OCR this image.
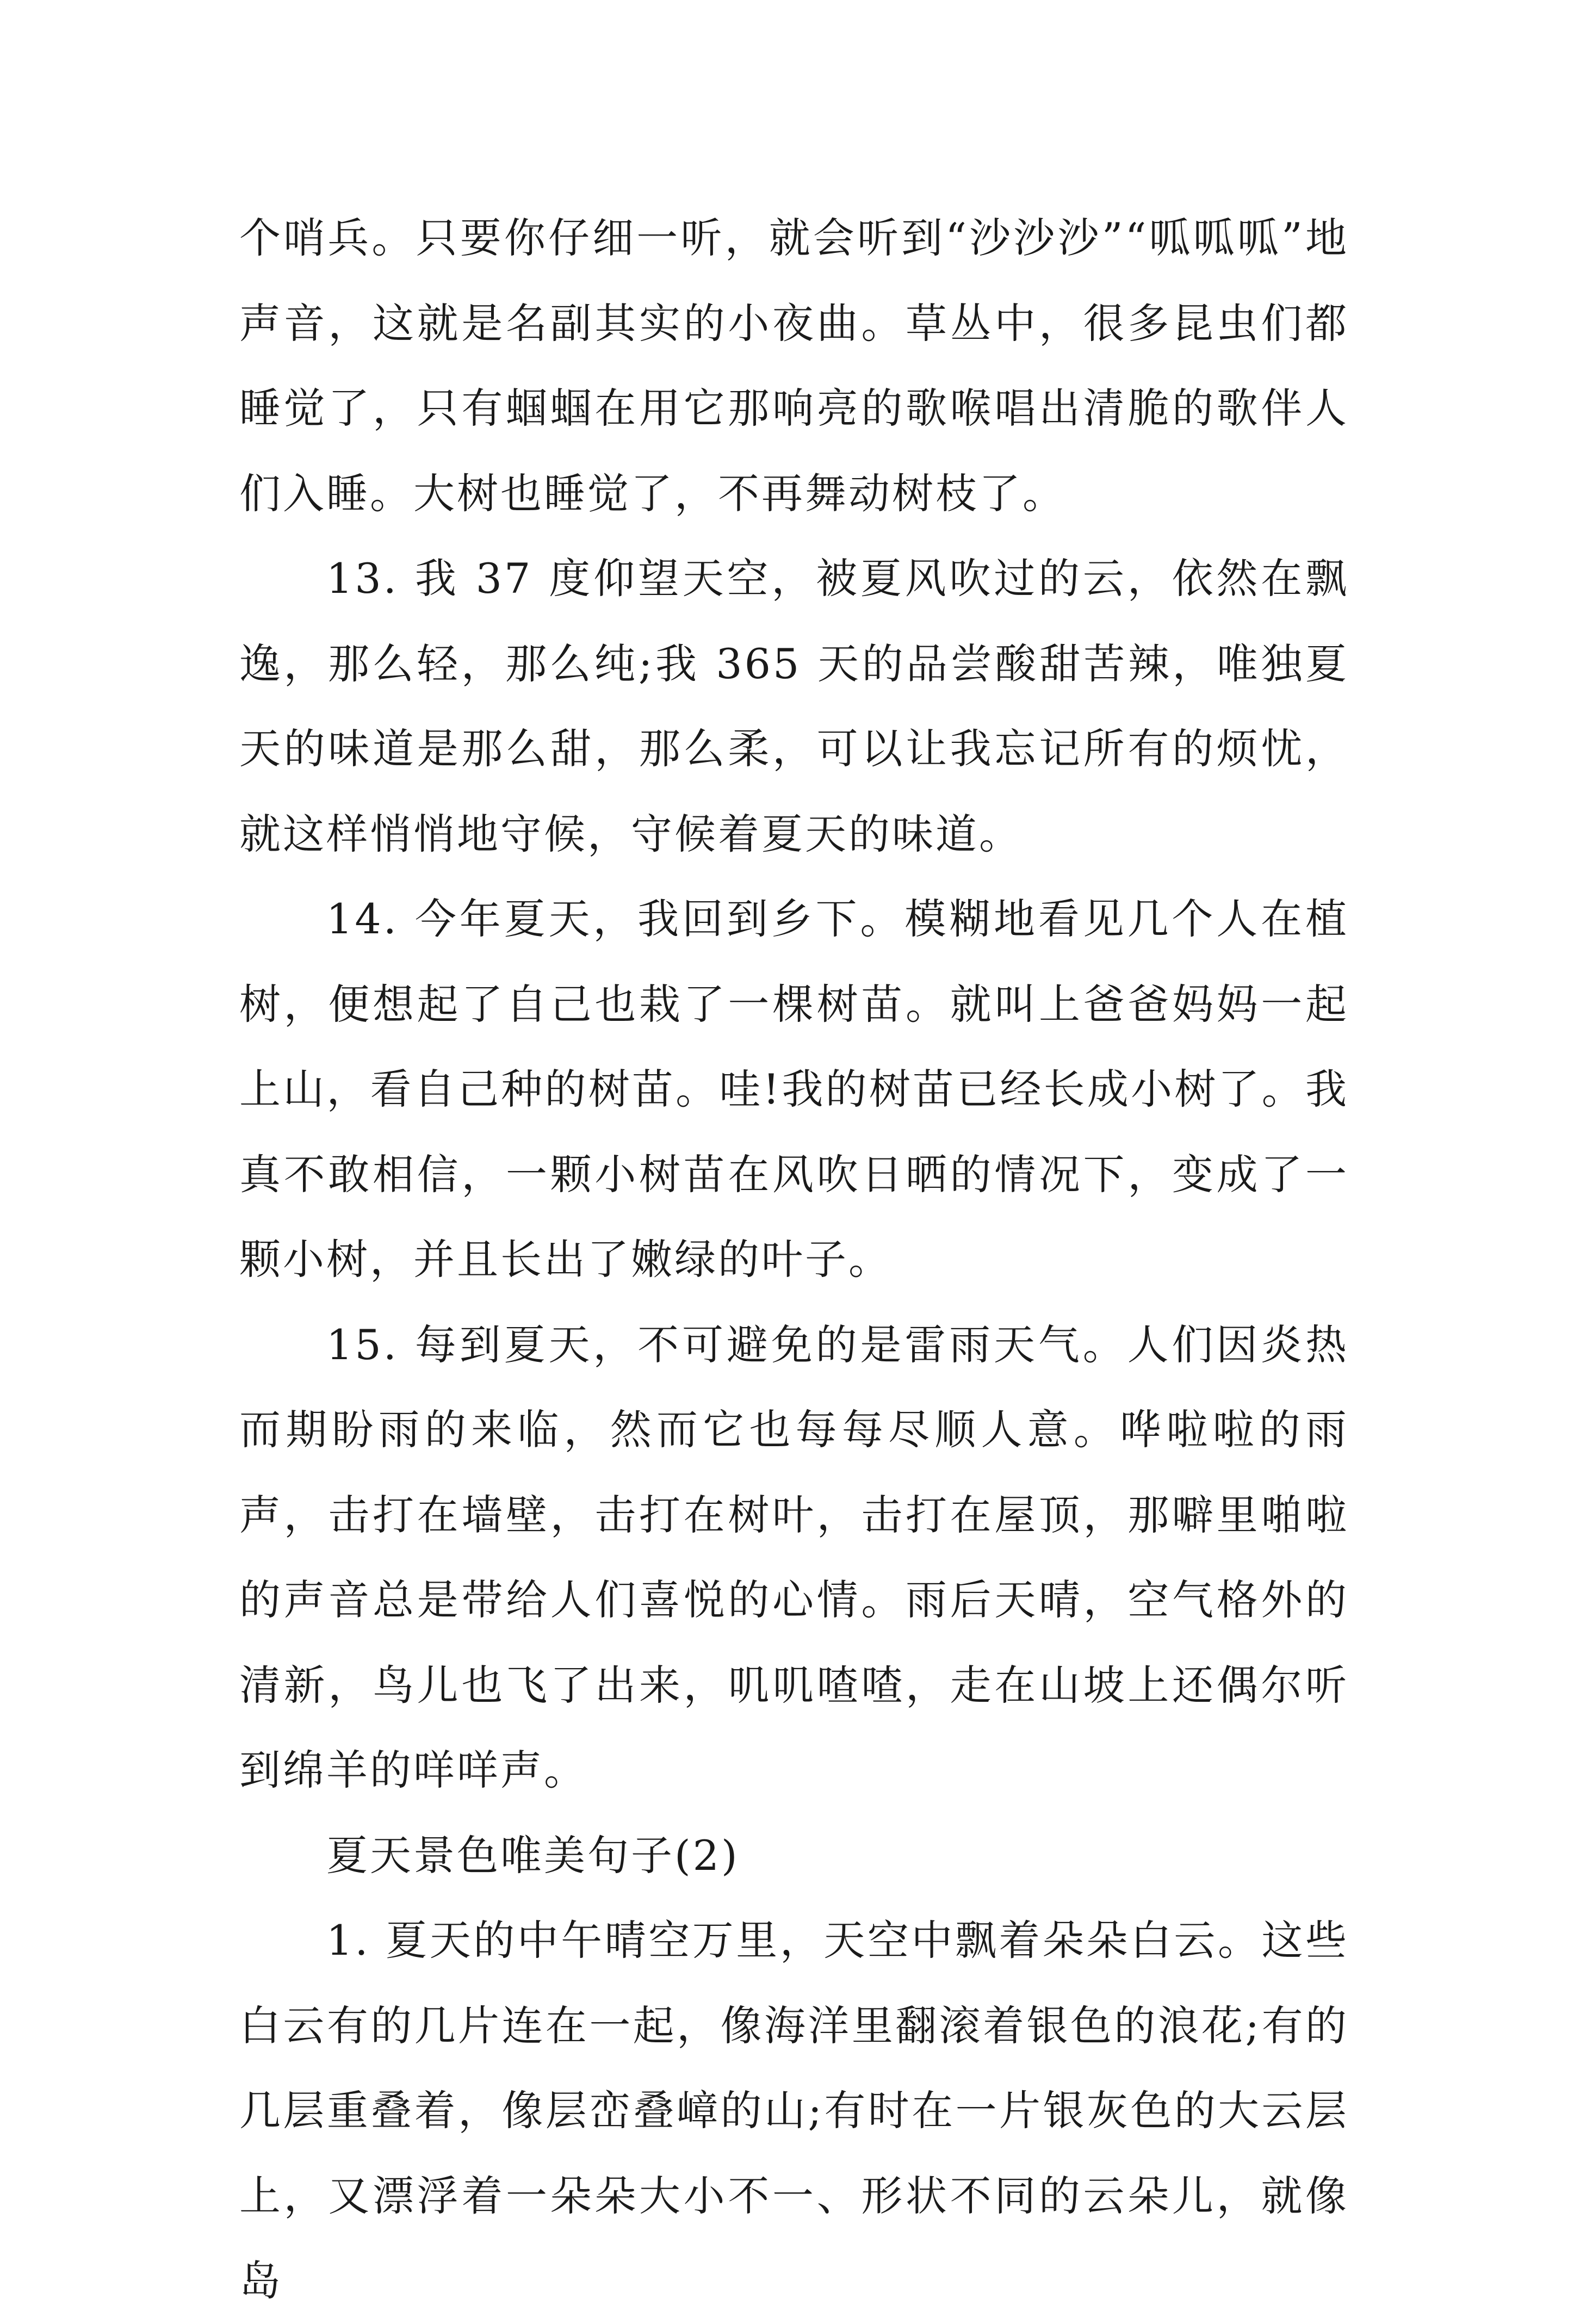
个哨兵。只要你仔细一听，就会听到“沙沙沙”“呱呱呱”地声音，这就是名副其实的小夜曲。草丛中，很多昆虫们都睡觉了，只有蝈蝈在用它那响亮的歌喉唱出清脆的歌伴人们入睡。大树也睡觉了，不再舞动树枝了。

13. 我 37 度仰望天空，被夏风吹过的云，依然在飘逸，那么轻，那么纯;我 365 天的品尝酸甜苦辣，唯独夏天的味道是那么甜，那么柔，可以让我忘记所有的烦忧，就这样悄悄地守候，守候着夏天的味道。

14. 今年夏天，我回到乡下。模糊地看见几个人在植树，便想起了自己也栽了一棵树苗。就叫上爸爸妈妈一起上山，看自己种的树苗。哇!我的树苗已经长成小树了。我真不敢相信，一颗小树苗在风吹日晒的情况下，变成了一颗小树，并且长出了嫩绿的叶子。

15. 每到夏天，不可避免的是雷雨天气。人们因炎热而期盼雨的来临，然而它也每每尽顺人意。哗啦啦的雨声，击打在墙壁，击打在树叶，击打在屋顶，那噼里啪啦的声音总是带给人们喜悦的心情。雨后天晴，空气格外的清新，鸟儿也飞了出来，叽叽喳喳，走在山坡上还偶尔听到绵羊的咩咩声。

夏天景色唯美句子(2)

1. 夏天的中午晴空万里，天空中飘着朵朵白云。这些白云有的几片连在一起，像海洋里翻滚着银色的浪花;有的几层重叠着，像层峦叠嶂的山;有时在一片银灰色的大云层上，又漂浮着一朵朵大小不一、形状不同的云朵儿，就像岛
